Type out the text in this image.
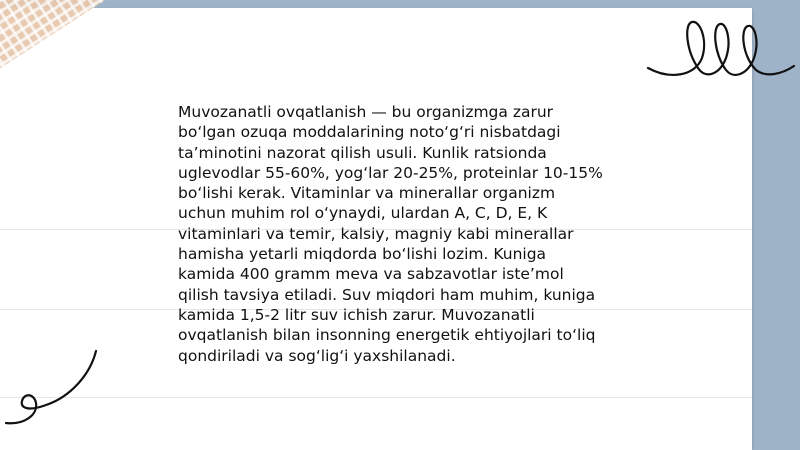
Muvozanatli ovqatlanish — bu organizmga zarur
bo‘lgan ozuqa moddalarining noto‘g‘ri nisbatdagi
ta’minotini nazorat qilish usuli. Kunlik ratsionda
uglevodlar 55-60%, yog‘lar 20-25%, proteinlar 10-15%
bo‘lishi kerak. Vitaminlar va minerallar organizm
uchun muhim rol o‘ynaydi, ulardan A, C, D, E, K
vitaminlari va temir, kalsiy, magniy kabi minerallar
hamisha yetarli miqdorda bo‘lishi lozim. Kuniga
kamida 400 gramm meva va sabzavotlar iste’mol
qilish tavsiya etiladi. Suv miqdori ham muhim, kuniga
kamida 1,5-2 litr suv ichish zarur. Muvozanatli
ovqatlanish bilan insonning energetik ehtiyojlari to‘liq
qondiriladi va sog‘lig‘i yaxshilanadi.
